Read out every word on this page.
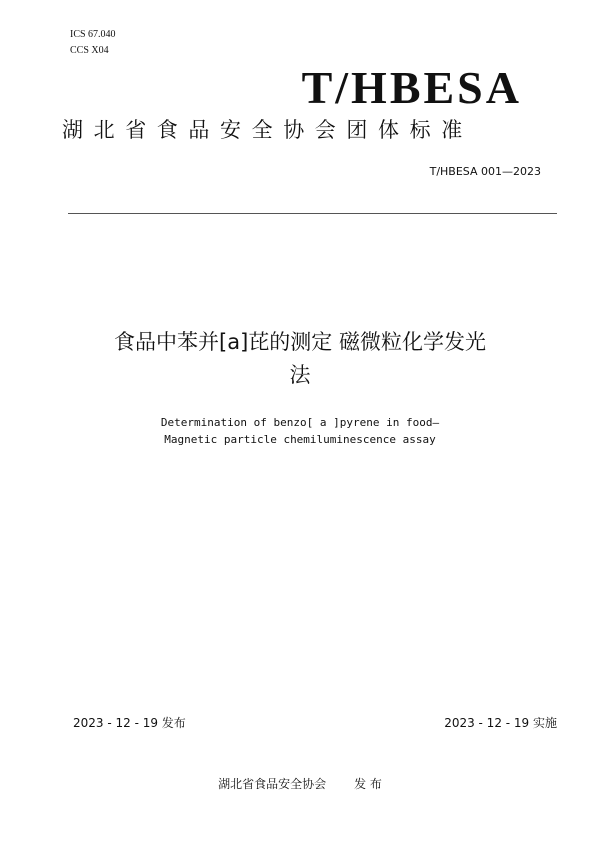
ICS 67.040
CCS X04
T/HBESA
湖北省食品安全协会团体标准
T/HBESA 001—2023
食品中苯并[a]芘的测定 磁微粒化学发光
法
Determination of benzo[ a ]pyrene in food—
Magnetic particle chemiluminescence assay
2023 - 12 - 19 发布	2023 - 12 - 19 实施
湖北省食品安全协会 发 布
